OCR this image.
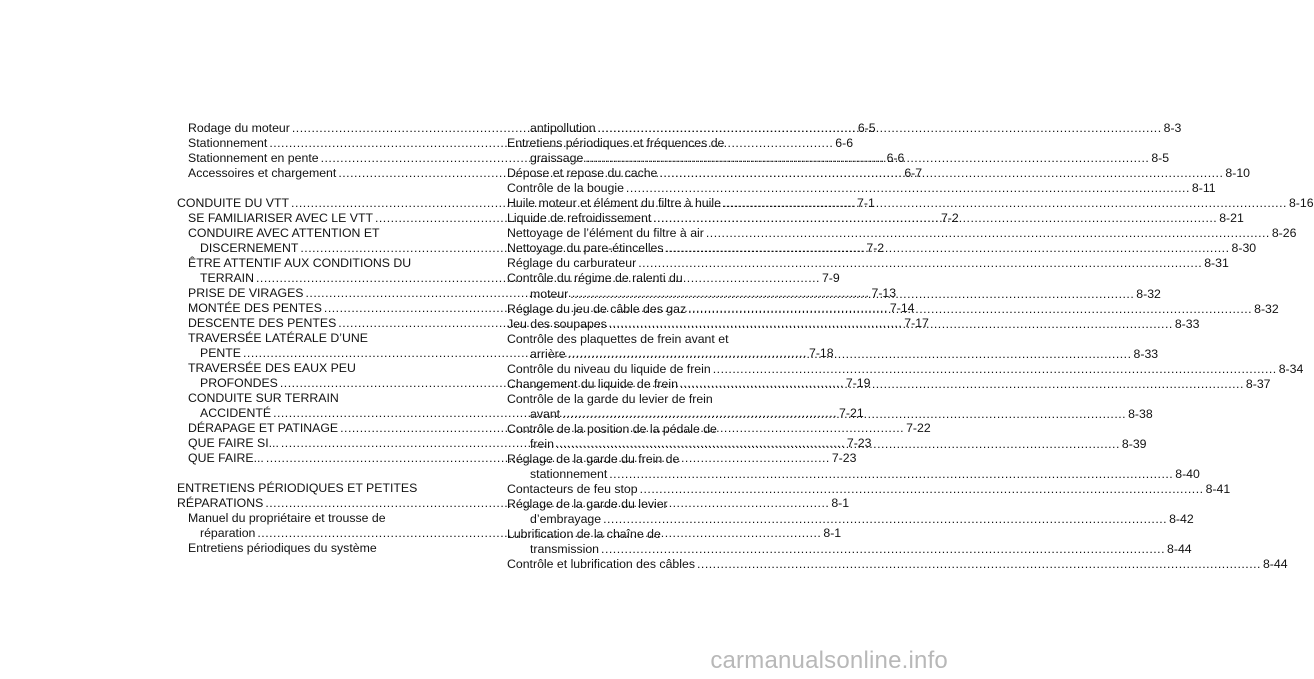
Rodage du moteur .....	6-5
Stationnement .....	6-6
Stationnement en pente .....	6-6
Accessoires et chargement .....	6-7
CONDUITE DU VTT .....	7-1
SE FAMILIARISER AVEC LE VTT .....	7-2
CONDUIRE AVEC ATTENTION ET
DISCERNEMENT .....	7-2
ÊTRE ATTENTIF AUX CONDITIONS DU
TERRAIN .....	7-9
PRISE DE VIRAGES .....	7-13
MONTÉE DES PENTES .....	7-14
DESCENTE DES PENTES .....	7-17
TRAVERSÉE LATÉRALE D’UNE
PENTE .....	7-18
TRAVERSÉE DES EAUX PEU
PROFONDES .....	7-19
CONDUITE SUR TERRAIN
ACCIDENTÉ .....	7-21
DÉRAPAGE ET PATINAGE .....	7-22
QUE FAIRE SI... .....	7-23
QUE FAIRE... .....	7-23
ENTRETIENS PÉRIODIQUES ET PETITES
RÉPARATIONS .....	8-1
Manuel du propriétaire et trousse de
réparation .....	8-1
Entretiens périodiques du système
antipollution .....	8-3
Entretiens périodiques et fréquences de
graissage .....	8-5
Dépose et repose du cache .....	8-10
Contrôle de la bougie .....	8-11
Huile moteur et élément du filtre à huile .....	8-16
Liquide de refroidissement .....	8-21
Nettoyage de l’élément du filtre à air .....	8-26
Nettoyage du pare-étincelles .....	8-30
Réglage du carburateur .....	8-31
Contrôle du régime de ralenti du
moteur .....	8-32
Réglage du jeu de câble des gaz .....	8-32
Jeu des soupapes .....	8-33
Contrôle des plaquettes de frein avant et
arrière .....	8-33
Contrôle du niveau du liquide de frein .....	8-34
Changement du liquide de frein .....	8-37
Contrôle de la garde du levier de frein
avant .....	8-38
Contrôle de la position de la pédale de
frein .....	8-39
Réglage de la garde du frein de
stationnement .....	8-40
Contacteurs de feu stop .....	8-41
Réglage de la garde du levier
d’embrayage .....	8-42
Lubrification de la chaîne de
transmission .....	8-44
Contrôle et lubrification des câbles .....	8-44
carmanualsonline.info
